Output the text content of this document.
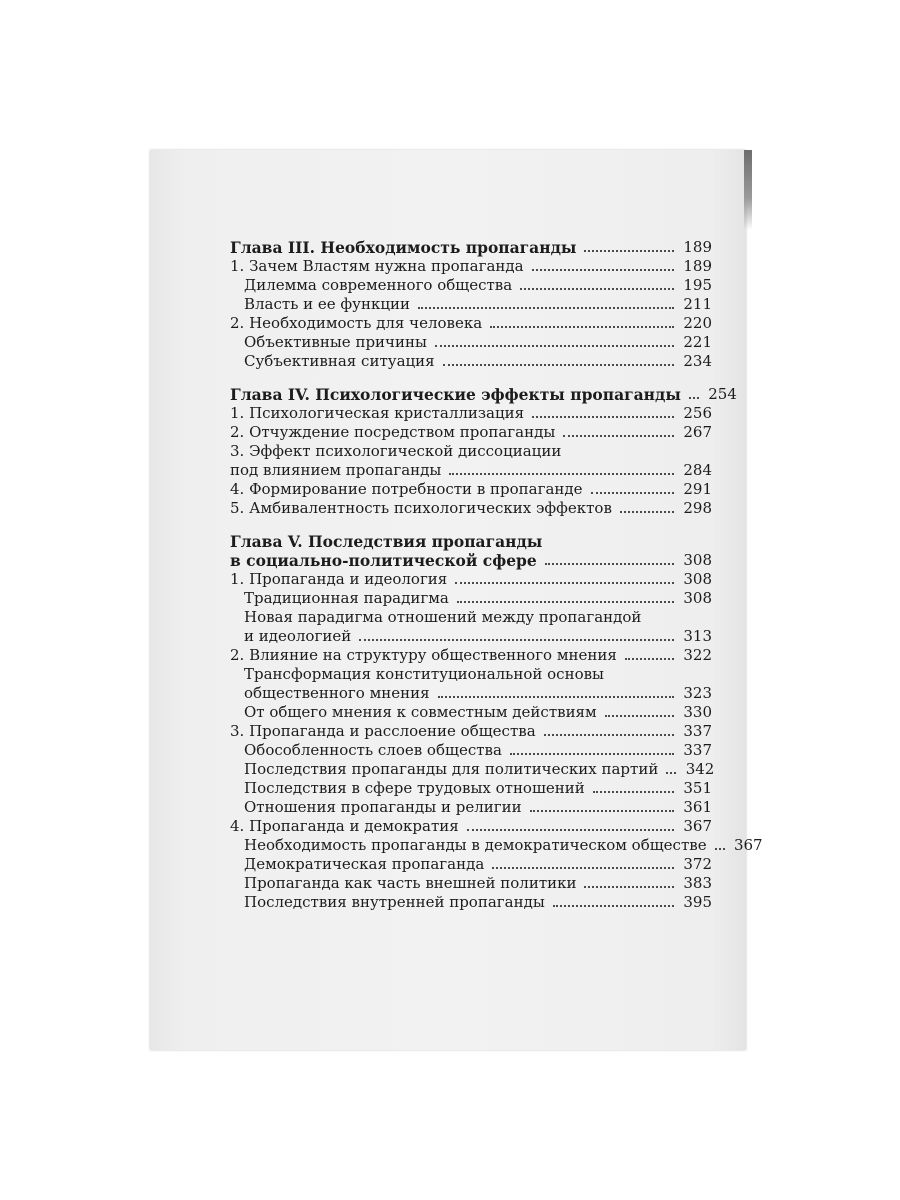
Глава III. Необходимость пропаганды	189
1. Зачем Властям нужна пропаганда	189
Дилемма современного общества	195
Власть и ее функции	211
2. Необходимость для человека	220
Объективные причины	221
Субъективная ситуация	234
Глава IV. Психологические эффекты пропаганды 254
1. Психологическая кристаллизация	256
2. Отчуждение посредством пропаганды	267
3. Эффект психологической диссоциации
под влиянием пропаганды	284
4. Формирование потребности в пропаганде	291
5. Амбивалентность психологических эффектов	298
Глава V. Последствия пропаганды
в социально-политической сфере	308
1. Пропаганда и идеология	308
Традиционная парадигма	308
Новая парадигма отношений между пропагандой
и идеологией	313
2. Влияние на структуру общественного мнения	322
Трансформация конституциональной основы
общественного мнения	323
От общего мнения к совместным действиям	330
3. Пропаганда и расслоение общества	337
Обособленность слоев общества	337
Последствия пропаганды для политических партий 342
Последствия в сфере трудовых отношений	351
Отношения пропаганды и религии	361
4. Пропаганда и демократия	367
Необходимость пропаганды в демократическом обществе 367
Демократическая пропаганда	372
Пропаганда как часть внешней политики	383
Последствия внутренней пропаганды	395
